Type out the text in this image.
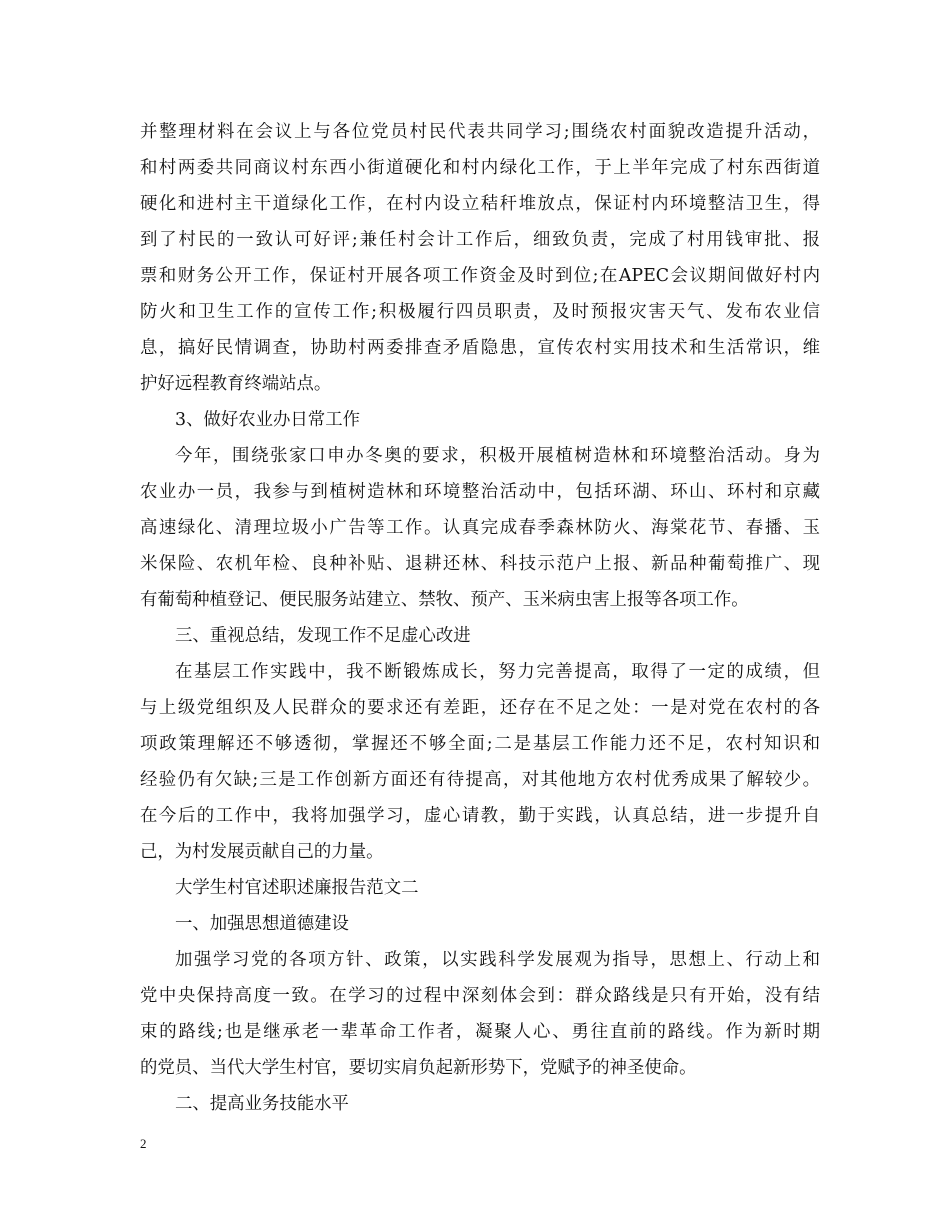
并整理材料在会议上与各位党员村民代表共同学习;围绕农村面貌改造提升活动，
和村两委共同商议村东西小街道硬化和村内绿化工作，于上半年完成了村东西街道
硬化和进村主干道绿化工作，在村内设立秸秆堆放点，保证村内环境整洁卫生，得
到了村民的一致认可好评;兼任村会计工作后，细致负责，完成了村用钱审批、报
票和财务公开工作，保证村开展各项工作资金及时到位;在APEC会议期间做好村内
防火和卫生工作的宣传工作;积极履行四员职责，及时预报灾害天气、发布农业信
息，搞好民情调查，协助村两委排查矛盾隐患，宣传农村实用技术和生活常识，维
护好远程教育终端站点。
3、做好农业办日常工作
今年，围绕张家口申办冬奥的要求，积极开展植树造林和环境整治活动。身为
农业办一员，我参与到植树造林和环境整治活动中，包括环湖、环山、环村和京藏
高速绿化、清理垃圾小广告等工作。认真完成春季森林防火、海棠花节、春播、玉
米保险、农机年检、良种补贴、退耕还林、科技示范户上报、新品种葡萄推广、现
有葡萄种植登记、便民服务站建立、禁牧、预产、玉米病虫害上报等各项工作。
三、重视总结，发现工作不足虚心改进
在基层工作实践中，我不断锻炼成长，努力完善提高，取得了一定的成绩，但
与上级党组织及人民群众的要求还有差距，还存在不足之处：一是对党在农村的各
项政策理解还不够透彻，掌握还不够全面;二是基层工作能力还不足，农村知识和
经验仍有欠缺;三是工作创新方面还有待提高，对其他地方农村优秀成果了解较少。
在今后的工作中，我将加强学习，虚心请教，勤于实践，认真总结，进一步提升自
己，为村发展贡献自己的力量。
大学生村官述职述廉报告范文二
一、加强思想道德建设
加强学习党的各项方针、政策，以实践科学发展观为指导，思想上、行动上和
党中央保持高度一致。在学习的过程中深刻体会到：群众路线是只有开始，没有结
束的路线;也是继承老一辈革命工作者，凝聚人心、勇往直前的路线。作为新时期
的党员、当代大学生村官，要切实肩负起新形势下，党赋予的神圣使命。
二、提高业务技能水平
2
